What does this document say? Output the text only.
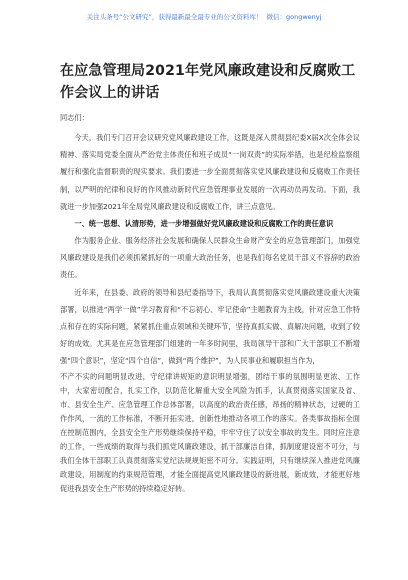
关注头条号“公文研究”，获得最新最全最专业的公文资料库！ 微信：gongwenyj
在应急管理局2021年党风廉政建设和反腐败工作会议上的讲话

同志们：

今天，我们专门召开会议研究党风廉政建设工作，这既是深入贯彻县纪委X届X次全体会议精神、落实局党委全面从严治党主体责任和班子成员“一岗双责”的实际举措，也是纪检监察组履行和强化监督职责的现实要求。我们要进一步全面贯彻落实党风廉政建设和反腐败工作责任制，以严明的纪律和良好的作风推动新时代应急管理事业发展的一次再动员再发动。下面，我就进一步加强2021年全局党风廉政建设和反腐败工作，讲三点意见。

一、统一思想、认清形势，进一步增强做好党风廉政建设和反腐败工作的责任意识

作为服务企业、服务经济社会发展和确保人民群众生命财产安全的应急管理部门，加强党风廉政建设是我们必须抓紧抓好的一项重大政治任务，也是我们每名党员干部义不容辞的政治责任。

近年来，在县委、政府的领导和县纪委指导下，我局认真贯彻落实党风廉政建设重大决策部署，以推进“两学一做”学习教育和“不忘初心、牢记使命”主题教育为主线，针对应急工作特点和存在的实际问题，紧紧抓住重点领域和关键环节，坚持真抓实做、真解决问题，收到了较好的成效。尤其是在应急管理部门组建的一年多时间里，我局领导干部和广大干部职工不断增强“四个意识”，坚定“四个自信”，做到“两个维护”，为人民事业和履职担当作为，

不产不实的问题明显改进，守纪律讲规矩的意识明显增强，团结干事的氛围明显更浓、工作中，大家密切配合，扎实工作，以防范化解重大安全风险为抓手，认真贯彻落实国家及省、市、县安全生产、应急管理工作总体部署，以高度的政治责任感，昂扬的精神状态，过硬的工作作风，一流的工作标准，不断开拓实进，创新性地推动各项工作的落实。各类事故指标全面在控制范围内，全县安全生产形势继续保持平稳，牢牢守住了以安全事故的发生。同时应注意的工作，一些成绩的取得与我们抓党风廉政建设，抓干部廉洁自律，抓制度建设密不可分，与我们全体干部职工认真贯彻落实党纪法规规矩密不可分。实践证明，只有继续深入推进党风廉政建设，用制度的约束规范管理，才能全面提高党风廉政建设的新进展，新成效，才能更好地促进我县安全生产形势的持续稳定好转。
